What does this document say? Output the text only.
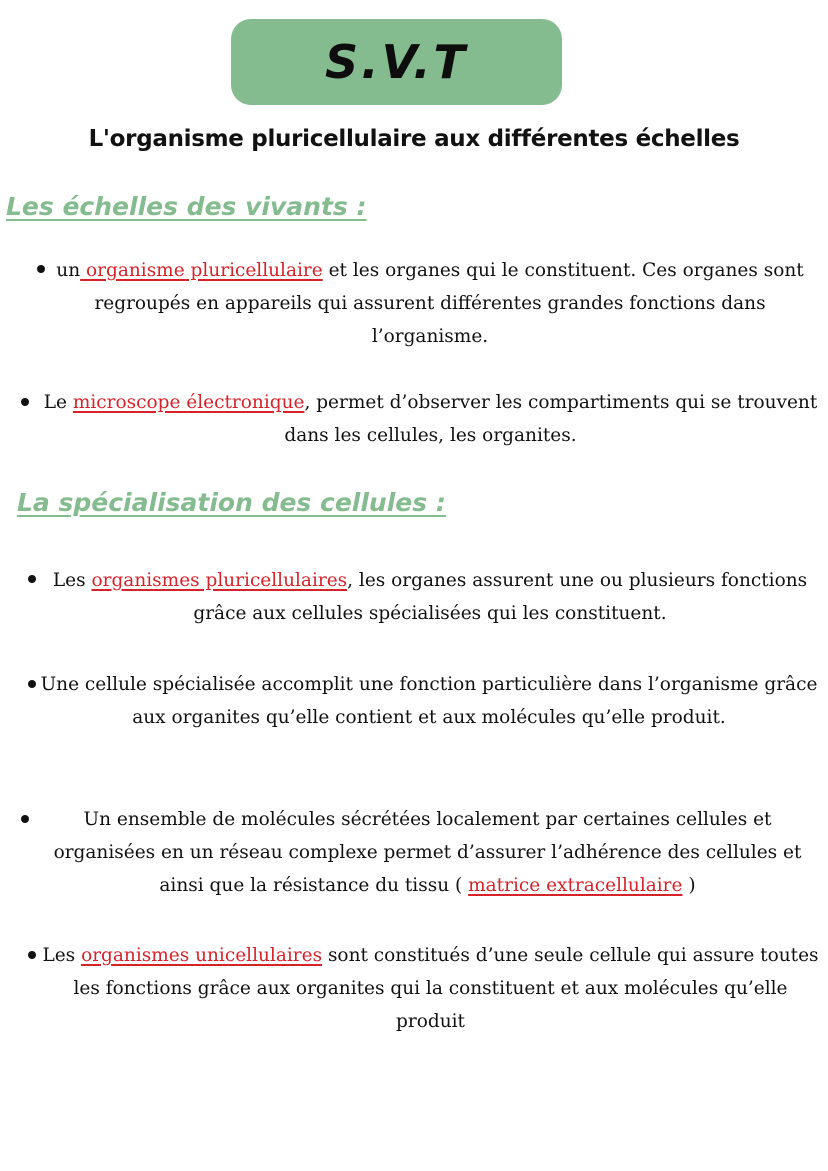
S.V.T
L'organisme pluricellulaire aux différentes échelles
Les échelles des vivants :
un organisme pluricellulaire et les organes qui le constituent. Ces organes sont regroupés en appareils qui assurent différentes grandes fonctions dans l’organisme.
Le microscope électronique, permet d’observer les compartiments qui se trouvent dans les cellules, les organites.
La spécialisation des cellules :
Les organismes pluricellulaires, les organes assurent une ou plusieurs fonctions grâce aux cellules spécialisées qui les constituent.
Une cellule spécialisée accomplit une fonction particulière dans l’organisme grâce aux organites qu’elle contient et aux molécules qu’elle produit.
Un ensemble de molécules sécrétées localement par certaines cellules et organisées en un réseau complexe permet d’assurer l’adhérence des cellules et ainsi que la résistance du tissu ( matrice extracellulaire )
Les organismes unicellulaires sont constitués d’une seule cellule qui assure toutes les fonctions grâce aux organites qui la constituent et aux molécules qu’elle produit
